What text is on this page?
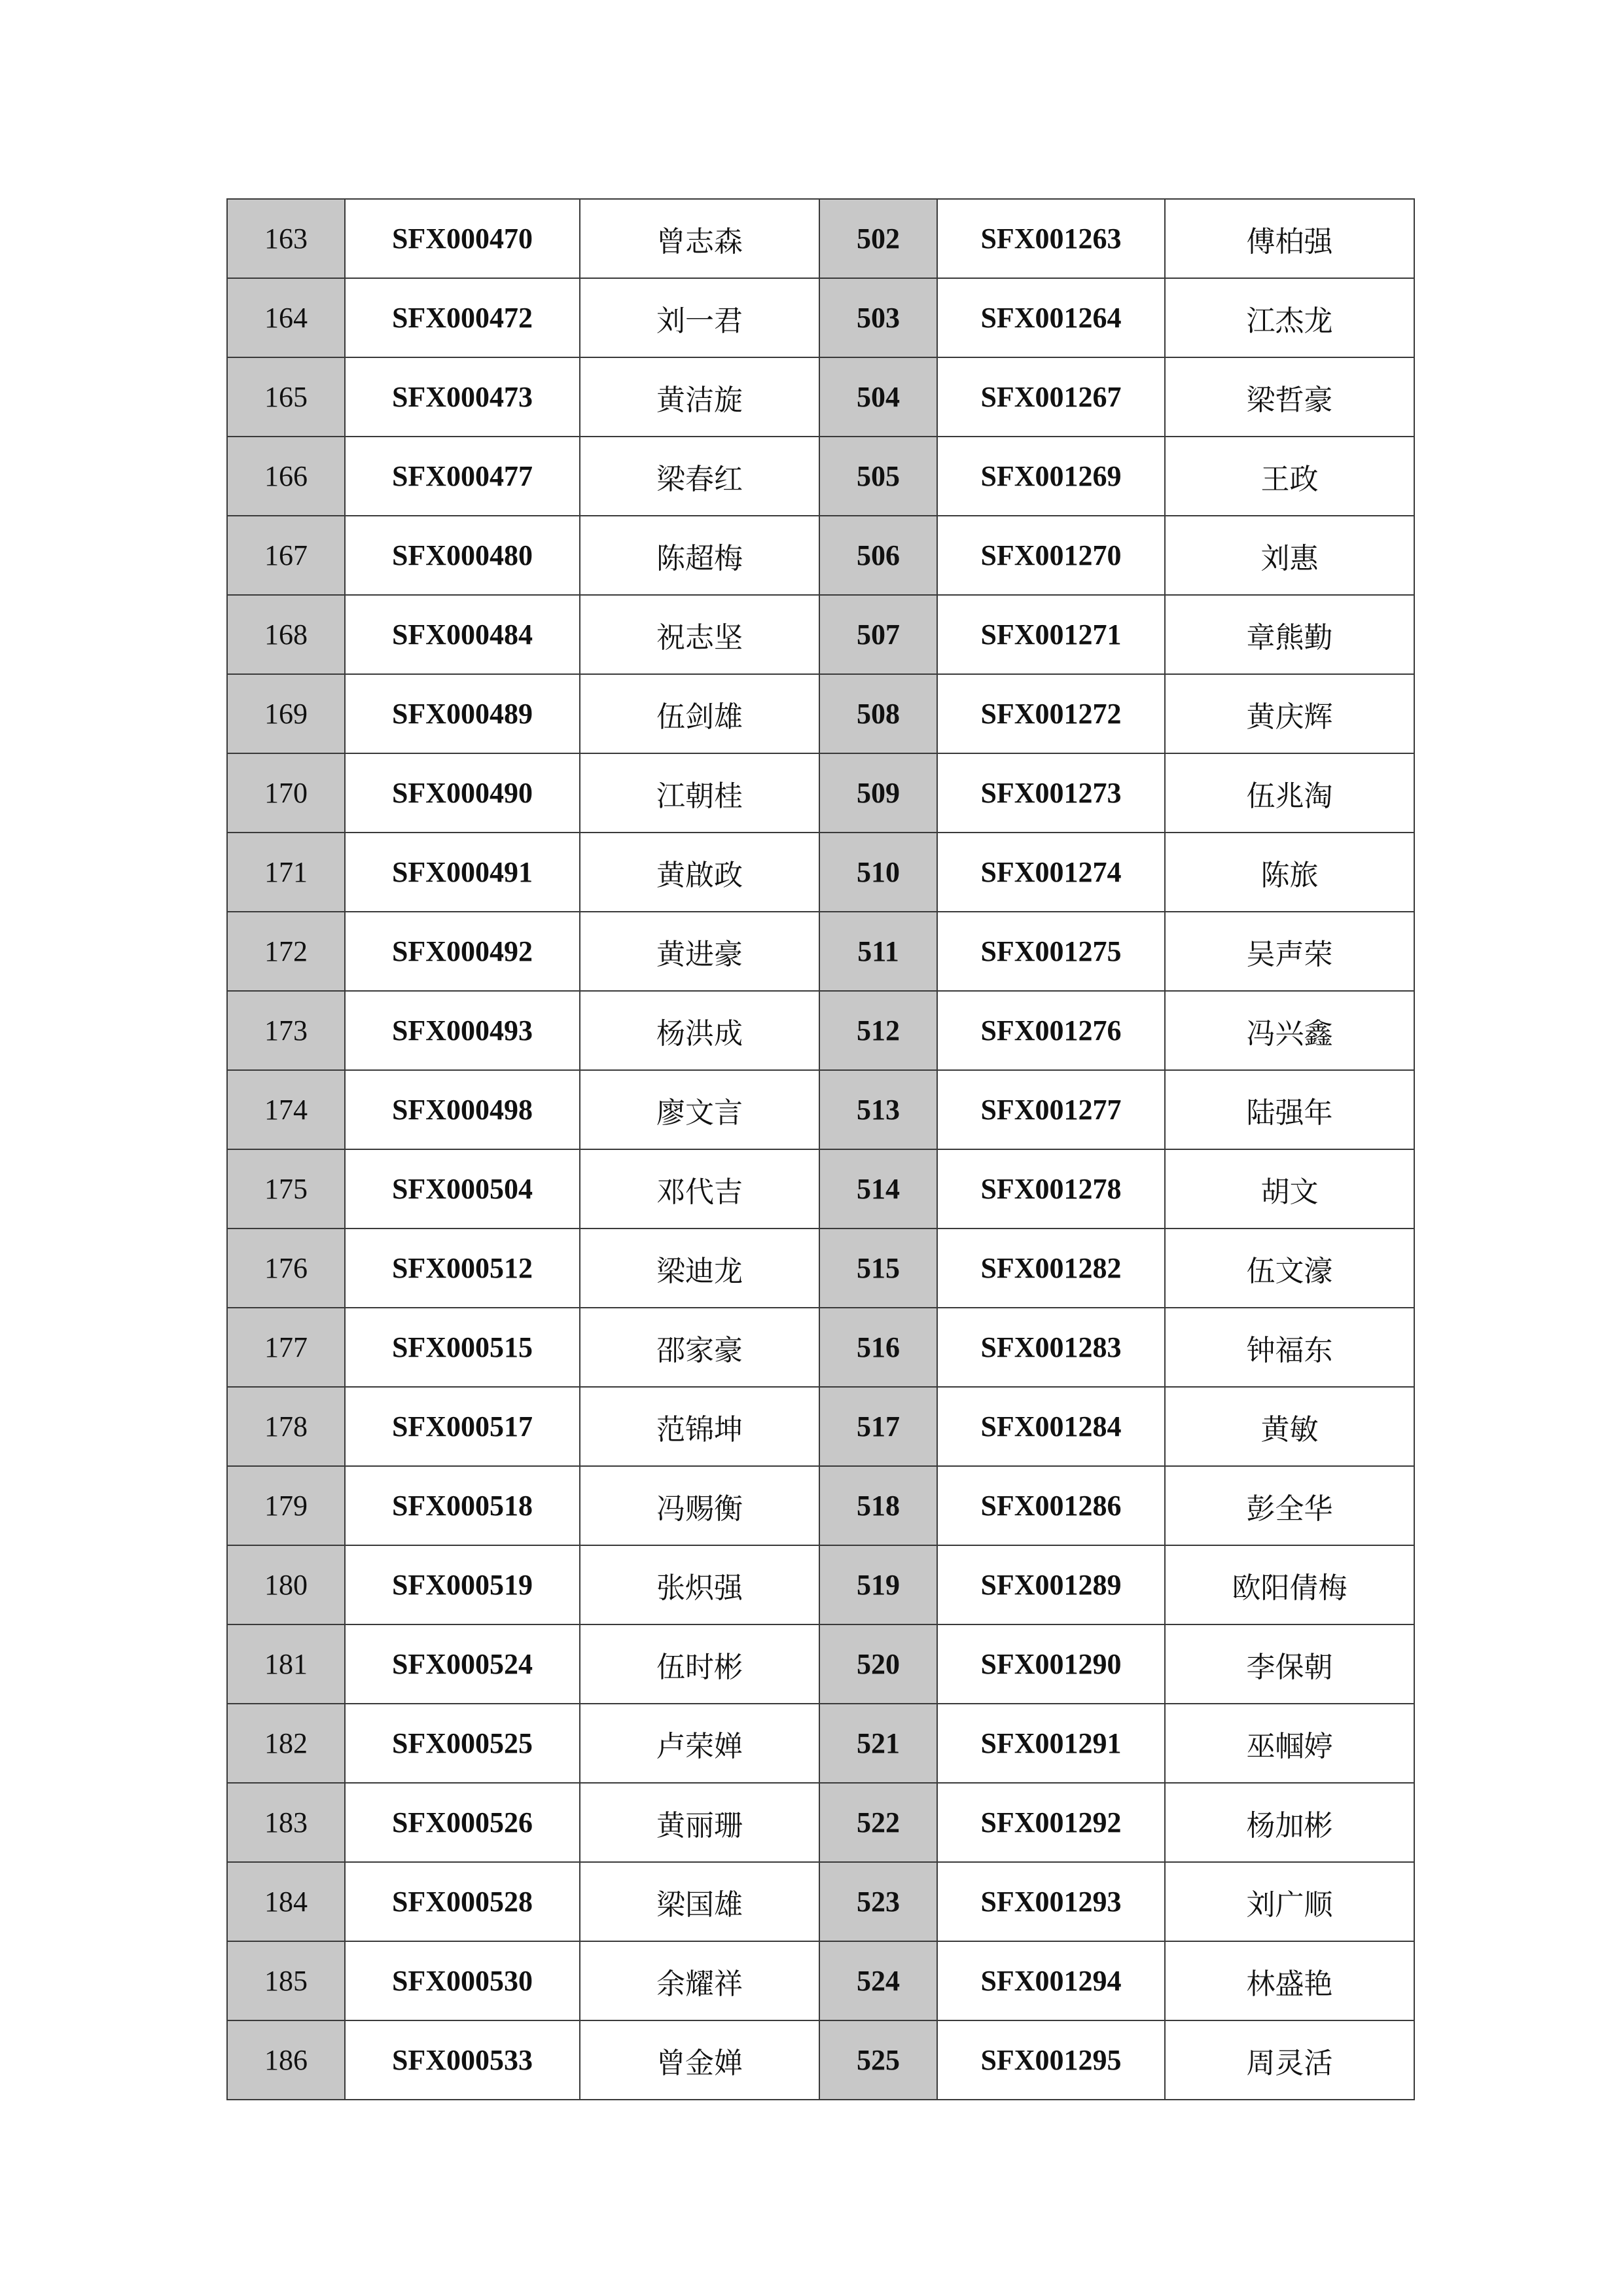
163	SFX000470	曾志森	502	SFX001263	傅柏强
164	SFX000472	刘一君	503	SFX001264	江杰龙
165	SFX000473	黄洁旋	504	SFX001267	梁哲豪
166	SFX000477	梁春红	505	SFX001269	王政
167	SFX000480	陈超梅	506	SFX001270	刘惠
168	SFX000484	祝志坚	507	SFX001271	章熊勤
169	SFX000489	伍剑雄	508	SFX001272	黄庆辉
170	SFX000490	江朝桂	509	SFX001273	伍兆淘
171	SFX000491	黄啟政	510	SFX001274	陈旅
172	SFX000492	黄进豪	511	SFX001275	吴声荣
173	SFX000493	杨洪成	512	SFX001276	冯兴鑫
174	SFX000498	廖文言	513	SFX001277	陆强年
175	SFX000504	邓代吉	514	SFX001278	胡文
176	SFX000512	梁迪龙	515	SFX001282	伍文濠
177	SFX000515	邵家豪	516	SFX001283	钟福东
178	SFX000517	范锦坤	517	SFX001284	黄敏
179	SFX000518	冯赐衡	518	SFX001286	彭全华
180	SFX000519	张炽强	519	SFX001289	欧阳倩梅
181	SFX000524	伍时彬	520	SFX001290	李保朝
182	SFX000525	卢荣婵	521	SFX001291	巫帼婷
183	SFX000526	黄丽珊	522	SFX001292	杨加彬
184	SFX000528	梁国雄	523	SFX001293	刘广顺
185	SFX000530	余耀祥	524	SFX001294	林盛艳
186	SFX000533	曾金婵	525	SFX001295	周灵活
